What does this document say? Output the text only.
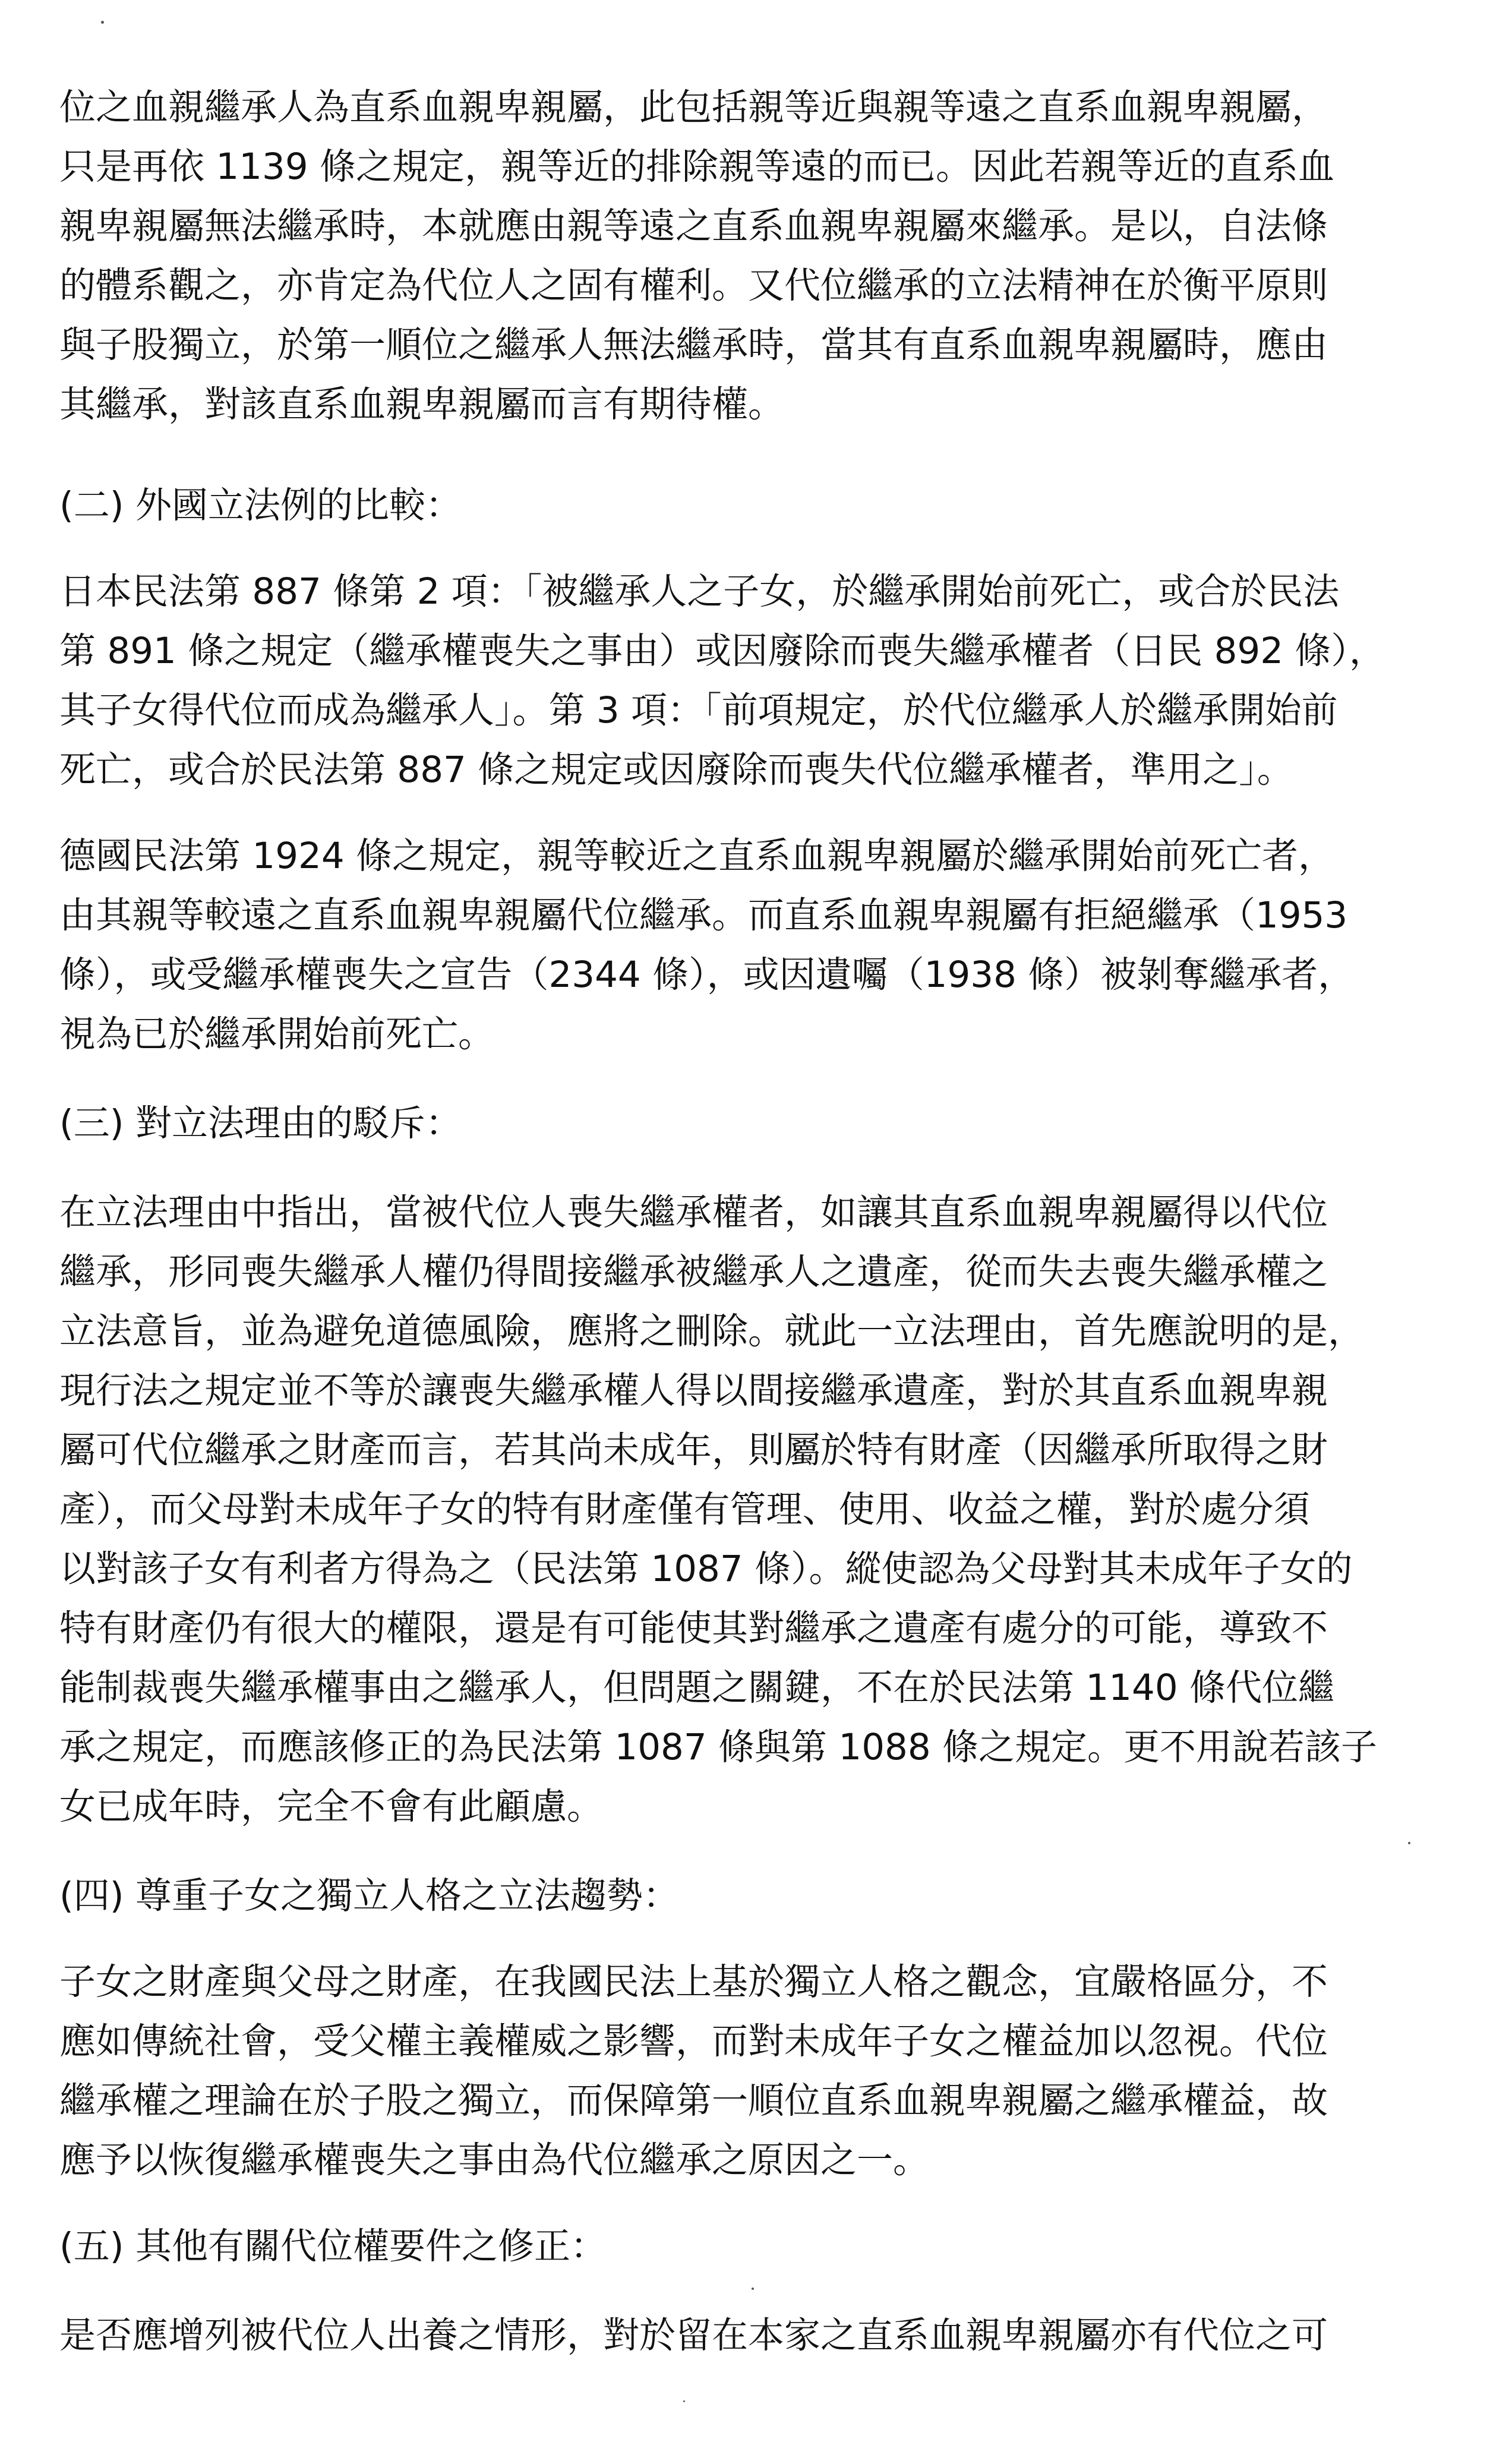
位之血親繼承人為直系血親卑親屬，此包括親等近與親等遠之直系血親卑親屬，
只是再依 1139 條之規定，親等近的排除親等遠的而已。因此若親等近的直系血
親卑親屬無法繼承時，本就應由親等遠之直系血親卑親屬來繼承。是以，自法條
的體系觀之，亦肯定為代位人之固有權利。又代位繼承的立法精神在於衡平原則
與子股獨立，於第一順位之繼承人無法繼承時，當其有直系血親卑親屬時，應由
其繼承，對該直系血親卑親屬而言有期待權。
(二) 外國立法例的比較：
日本民法第 887 條第 2 項：「被繼承人之子女，於繼承開始前死亡，或合於民法
第 891 條之規定（繼承權喪失之事由）或因廢除而喪失繼承權者（日民 892 條），
其子女得代位而成為繼承人」。第 3 項：「前項規定，於代位繼承人於繼承開始前
死亡，或合於民法第 887 條之規定或因廢除而喪失代位繼承權者，準用之」。
德國民法第 1924 條之規定，親等較近之直系血親卑親屬於繼承開始前死亡者，
由其親等較遠之直系血親卑親屬代位繼承。而直系血親卑親屬有拒絕繼承（1953
條），或受繼承權喪失之宣告（2344 條），或因遺囑（1938 條）被剝奪繼承者，
視為已於繼承開始前死亡。
(三) 對立法理由的駁斥：
在立法理由中指出，當被代位人喪失繼承權者，如讓其直系血親卑親屬得以代位
繼承，形同喪失繼承人權仍得間接繼承被繼承人之遺產，從而失去喪失繼承權之
立法意旨，並為避免道德風險，應將之刪除。就此一立法理由，首先應說明的是，
現行法之規定並不等於讓喪失繼承權人得以間接繼承遺產，對於其直系血親卑親
屬可代位繼承之財產而言，若其尚未成年，則屬於特有財產（因繼承所取得之財
產），而父母對未成年子女的特有財產僅有管理、使用、收益之權，對於處分須
以對該子女有利者方得為之（民法第 1087 條）。縱使認為父母對其未成年子女的
特有財產仍有很大的權限，還是有可能使其對繼承之遺產有處分的可能，導致不
能制裁喪失繼承權事由之繼承人，但問題之關鍵，不在於民法第 1140 條代位繼
承之規定，而應該修正的為民法第 1087 條與第 1088 條之規定。更不用說若該子
女已成年時，完全不會有此顧慮。
(四) 尊重子女之獨立人格之立法趨勢：
子女之財產與父母之財產，在我國民法上基於獨立人格之觀念，宜嚴格區分，不
應如傳統社會，受父權主義權威之影響，而對未成年子女之權益加以忽視。代位
繼承權之理論在於子股之獨立，而保障第一順位直系血親卑親屬之繼承權益，故
應予以恢復繼承權喪失之事由為代位繼承之原因之一。
(五) 其他有關代位權要件之修正：
是否應增列被代位人出養之情形，對於留在本家之直系血親卑親屬亦有代位之可
